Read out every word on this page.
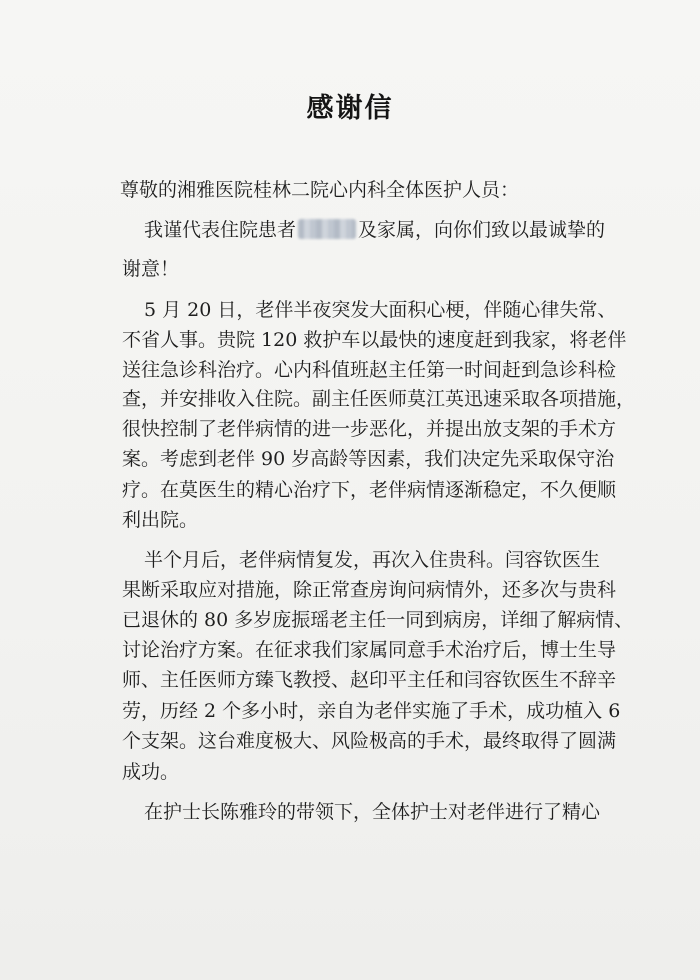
感谢信
尊敬的湘雅医院桂林二院心内科全体医护人员：
我谨代表住院患者	及家属，向你们致以最诚挚的
谢意！
5 月 20 日，老伴半夜突发大面积心梗，伴随心律失常、
不省人事。贵院 120 救护车以最快的速度赶到我家，将老伴
送往急诊科治疗。心内科值班赵主任第一时间赶到急诊科检
查，并安排收入住院。副主任医师莫江英迅速采取各项措施，
很快控制了老伴病情的进一步恶化，并提出放支架的手术方
案。考虑到老伴 90 岁高龄等因素，我们决定先采取保守治
疗。在莫医生的精心治疗下，老伴病情逐渐稳定，不久便顺
利出院。
半个月后，老伴病情复发，再次入住贵科。闫容钦医生
果断采取应对措施，除正常查房询问病情外，还多次与贵科
已退休的 80 多岁庞振瑶老主任一同到病房，详细了解病情、
讨论治疗方案。在征求我们家属同意手术治疗后，博士生导
师、主任医师方臻飞教授、赵印平主任和闫容钦医生不辞辛
劳，历经 2 个多小时，亲自为老伴实施了手术，成功植入 6
个支架。这台难度极大、风险极高的手术，最终取得了圆满
成功。
在护士长陈雅玲的带领下，全体护士对老伴进行了精心
